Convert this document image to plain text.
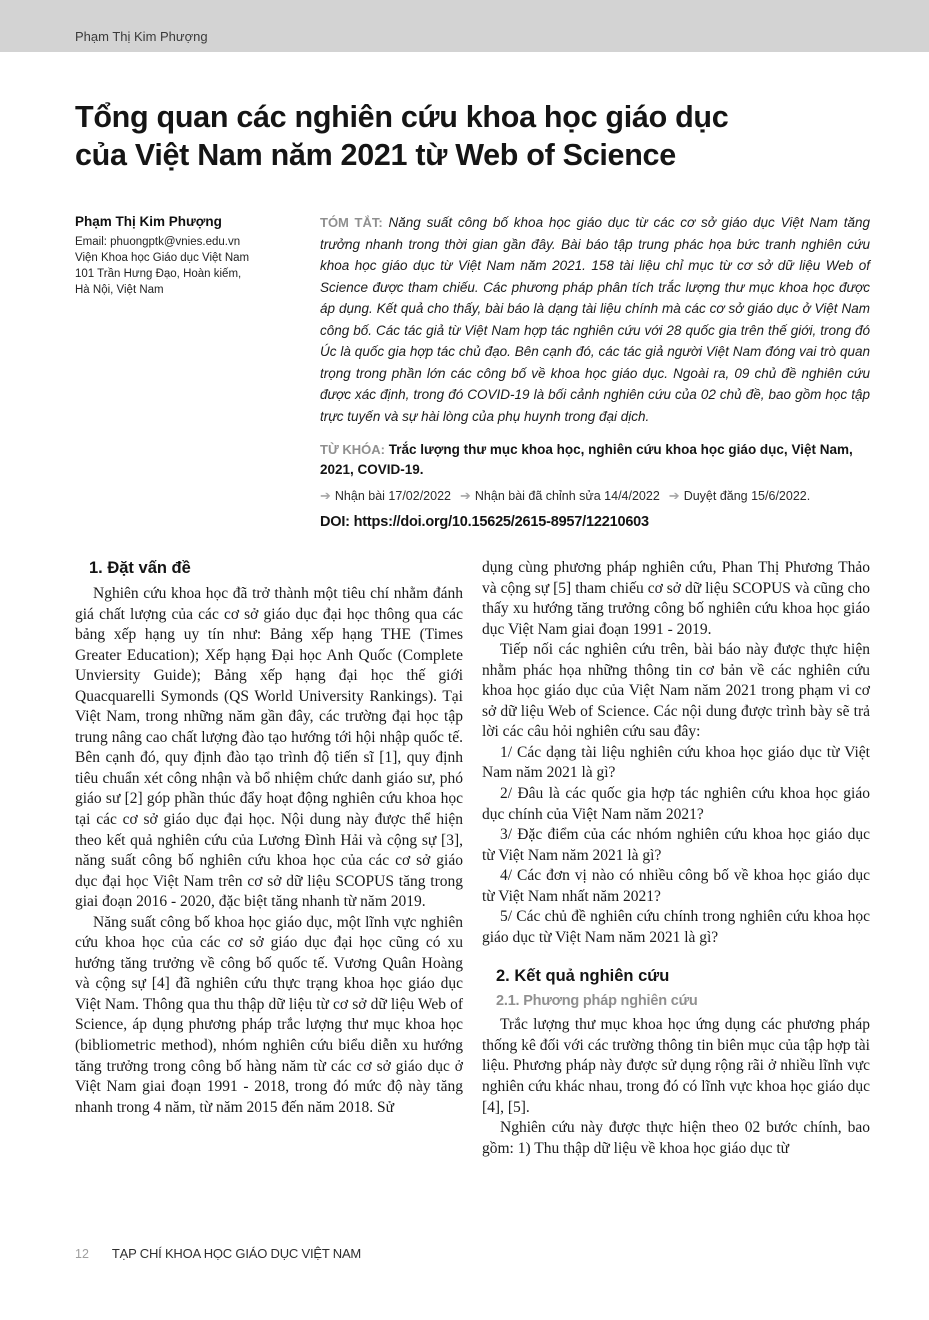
Phạm Thị Kim Phượng
Tổng quan các nghiên cứu khoa học giáo dục
của Việt Nam năm 2021 từ Web of Science
Phạm Thị Kim Phượng
Email: phuongptk@vnies.edu.vn
Viện Khoa học Giáo dục Việt Nam
101 Trần Hưng Đạo, Hoàn kiếm,
Hà Nội, Việt Nam

TÓM TẮT: Năng suất công bố khoa học giáo dục từ các cơ sở giáo dục Việt Nam tăng trưởng nhanh trong thời gian gần đây. Bài báo tập trung phác họa bức tranh nghiên cứu khoa học giáo dục từ Việt Nam năm 2021. 158 tài liệu chỉ mục từ cơ sở dữ liệu Web of Science được tham chiếu. Các phương pháp phân tích trắc lượng thư mục khoa học được áp dụng. Kết quả cho thấy, bài báo là dạng tài liệu chính mà các cơ sở giáo dục ở Việt Nam công bố. Các tác giả từ Việt Nam hợp tác nghiên cứu với 28 quốc gia trên thế giới, trong đó Úc là quốc gia hợp tác chủ đạo. Bên cạnh đó, các tác giả người Việt Nam đóng vai trò quan trọng trong phần lớn các công bố về khoa học giáo dục. Ngoài ra, 09 chủ đề nghiên cứu được xác định, trong đó COVID-19 là bối cảnh nghiên cứu của 02 chủ đề, bao gồm học tập trực tuyến và sự hài lòng của phụ huynh trong đại dịch.

TỪ KHÓA: Trắc lượng thư mục khoa học, nghiên cứu khoa học giáo dục, Việt Nam, 2021, COVID-19.

➔ Nhận bài 17/02/2022 ➔ Nhận bài đã chỉnh sửa 14/4/2022 ➔ Duyệt đăng 15/6/2022.
DOI: https://doi.org/10.15625/2615-8957/12210603
1. Đặt vấn đề

Nghiên cứu khoa học đã trở thành một tiêu chí nhằm đánh giá chất lượng của các cơ sở giáo dục đại học thông qua các bảng xếp hạng uy tín như: Bảng xếp hạng THE (Times Greater Education); Xếp hạng Đại học Anh Quốc (Complete Unviersity Guide); Bảng xếp hạng đại học thế giới Quacquarelli Symonds (QS World University Rankings). Tại Việt Nam, trong những năm gần đây, các trường đại học tập trung nâng cao chất lượng đào tạo hướng tới hội nhập quốc tế. Bên cạnh đó, quy định đào tạo trình độ tiến sĩ [1], quy định tiêu chuẩn xét công nhận và bổ nhiệm chức danh giáo sư, phó giáo sư [2] góp phần thúc đẩy hoạt động nghiên cứu khoa học tại các cơ sở giáo dục đại học. Nội dung này được thể hiện theo kết quả nghiên cứu của Lương Đình Hải và cộng sự [3], năng suất công bố nghiên cứu khoa học của các cơ sở giáo dục đại học Việt Nam trên cơ sở dữ liệu SCOPUS tăng trong giai đoạn 2016 - 2020, đặc biệt tăng nhanh từ năm 2019.

Năng suất công bố khoa học giáo dục, một lĩnh vực nghiên cứu khoa học của các cơ sở giáo dục đại học cũng có xu hướng tăng trưởng về công bố quốc tế. Vương Quân Hoàng và cộng sự [4] đã nghiên cứu thực trạng khoa học giáo dục Việt Nam. Thông qua thu thập dữ liệu từ cơ sở dữ liệu Web of Science, áp dụng phương pháp trắc lượng thư mục khoa học (bibliometric method), nhóm nghiên cứu biểu diễn xu hướng tăng trưởng trong công bố hàng năm từ các cơ sở giáo dục ở Việt Nam giai đoạn 1991 - 2018, trong đó mức độ này tăng nhanh trong 4 năm, từ năm 2015 đến năm 2018. Sử

dụng cùng phương pháp nghiên cứu, Phan Thị Phương Thảo và cộng sự [5] tham chiếu cơ sở dữ liệu SCOPUS và cũng cho thấy xu hướng tăng trưởng công bố nghiên cứu khoa học giáo dục Việt Nam giai đoạn 1991 - 2019.

Tiếp nối các nghiên cứu trên, bài báo này được thực hiện nhằm phác họa những thông tin cơ bản về các nghiên cứu khoa học giáo dục của Việt Nam năm 2021 trong phạm vi cơ sở dữ liệu Web of Science. Các nội dung được trình bày sẽ trả lời các câu hỏi nghiên cứu sau đây:

1/ Các dạng tài liệu nghiên cứu khoa học giáo dục từ Việt Nam năm 2021 là gì?

2/ Đâu là các quốc gia hợp tác nghiên cứu khoa học giáo dục chính của Việt Nam năm 2021?

3/ Đặc điểm của các nhóm nghiên cứu khoa học giáo dục từ Việt Nam năm 2021 là gì?

4/ Các đơn vị nào có nhiều công bố về khoa học giáo dục từ Việt Nam nhất năm 2021?

5/ Các chủ đề nghiên cứu chính trong nghiên cứu khoa học giáo dục từ Việt Nam năm 2021 là gì?

2. Kết quả nghiên cứu
2.1. Phương pháp nghiên cứu

Trắc lượng thư mục khoa học ứng dụng các phương pháp thống kê đối với các trường thông tin biên mục của tập hợp tài liệu. Phương pháp này được sử dụng rộng rãi ở nhiều lĩnh vực nghiên cứu khác nhau, trong đó có lĩnh vực khoa học giáo dục [4], [5].

Nghiên cứu này được thực hiện theo 02 bước chính, bao gồm: 1) Thu thập dữ liệu về khoa học giáo dục từ

12 TẠP CHÍ KHOA HỌC GIÁO DỤC VIỆT NAM
